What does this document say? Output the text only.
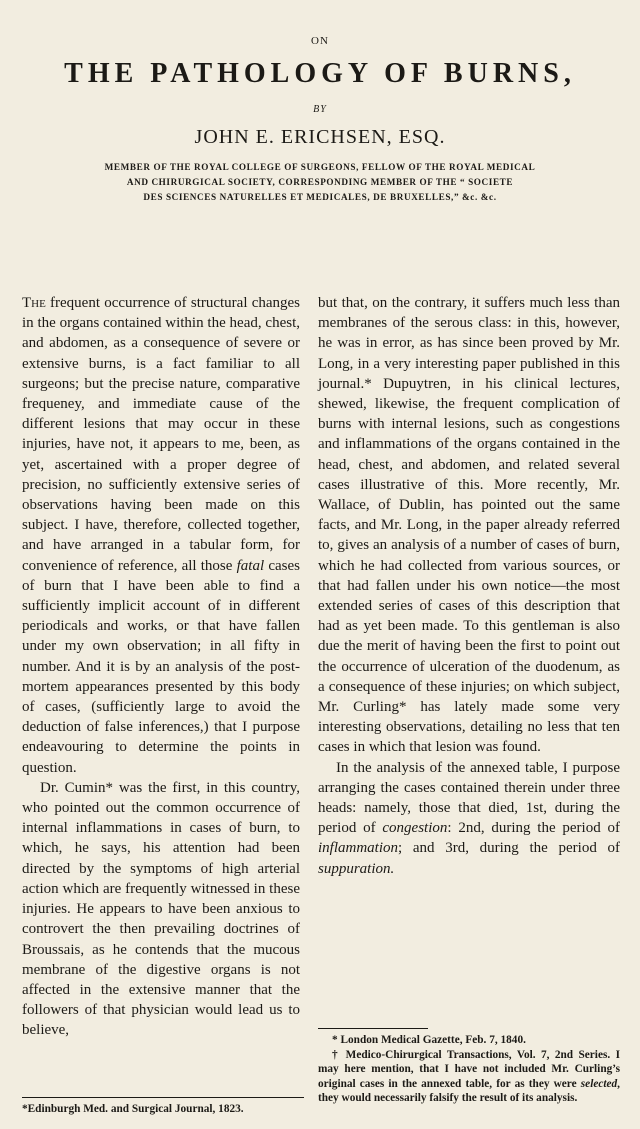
ON
THE PATHOLOGY OF BURNS,
BY
JOHN E. ERICHSEN, ESQ.
MEMBER OF THE ROYAL COLLEGE OF SURGEONS, FELLOW OF THE ROYAL MEDICAL
AND CHIRURGICAL SOCIETY, CORRESPONDING MEMBER OF THE “ SOCIETE
DES SCIENCES NATURELLES ET MEDICALES, DE BRUXELLES,” &c. &c.

The frequent occurrence of structural changes in the organs contained within the head, chest, and abdomen, as a consequence of severe or extensive burns, is a fact familiar to all surgeons; but the precise nature, comparative frequeney, and immediate cause of the different lesions that may occur in these injuries, have not, it appears to me, been, as yet, ascertained with a proper degree of precision, no sufficiently extensive series of observations having been made on this subject. I have, therefore, collected together, and have arranged in a tabular form, for convenience of reference, all those fatal cases of burn that I have been able to find a sufficiently implicit account of in different periodicals and works, or that have fallen under my own observation; in all fifty in number. And it is by an analysis of the post-mortem appearances presented by this body of cases, (sufficiently large to avoid the deduction of false inferences,) that I purpose endeavouring to determine the points in question.

Dr. Cumin* was the first, in this country, who pointed out the common occurrence of internal inflammations in cases of burn, to which, he says, his attention had been directed by the symptoms of high arterial action which are frequently witnessed in these injuries. He appears to have been anxious to controvert the then prevailing doctrines of Broussais, as he contends that the mucous membrane of the digestive organs is not affected in the extensive manner that the followers of that physician would lead us to believe,

but that, on the contrary, it suffers much less than membranes of the serous class: in this, however, he was in error, as has since been proved by Mr. Long, in a very interesting paper published in this journal.* Dupuytren, in his clinical lectures, shewed, likewise, the frequent complication of burns with internal lesions, such as congestions and inflammations of the organs contained in the head, chest, and abdomen, and related several cases illustrative of this. More recently, Mr. Wallace, of Dublin, has pointed out the same facts, and Mr. Long, in the paper already referred to, gives an analysis of a number of cases of burn, which he had collected from various sources, or that had fallen under his own notice—the most extended series of cases of this description that had as yet been made. To this gentleman is also due the merit of having been the first to point out the occurrence of ulceration of the duodenum, as a consequence of these injuries; on which subject, Mr. Curling* has lately made some very interesting observations, detailing no less that ten cases in which that lesion was found.

In the analysis of the annexed table, I purpose arranging the cases contained therein under three heads: namely, those that died, 1st, during the period of congestion: 2nd, during the period of inflammation; and 3rd, during the period of suppuration.

*Edinburgh Med. and Surgical Journal, 1823.

* London Medical Gazette, Feb. 7, 1840.

† Medico-Chirurgical Transactions, Vol. 7, 2nd Series. I may here mention, that I have not included Mr. Curling’s original cases in the annexed table, for as they were selected, they would necessarily falsify the result of its analysis.
